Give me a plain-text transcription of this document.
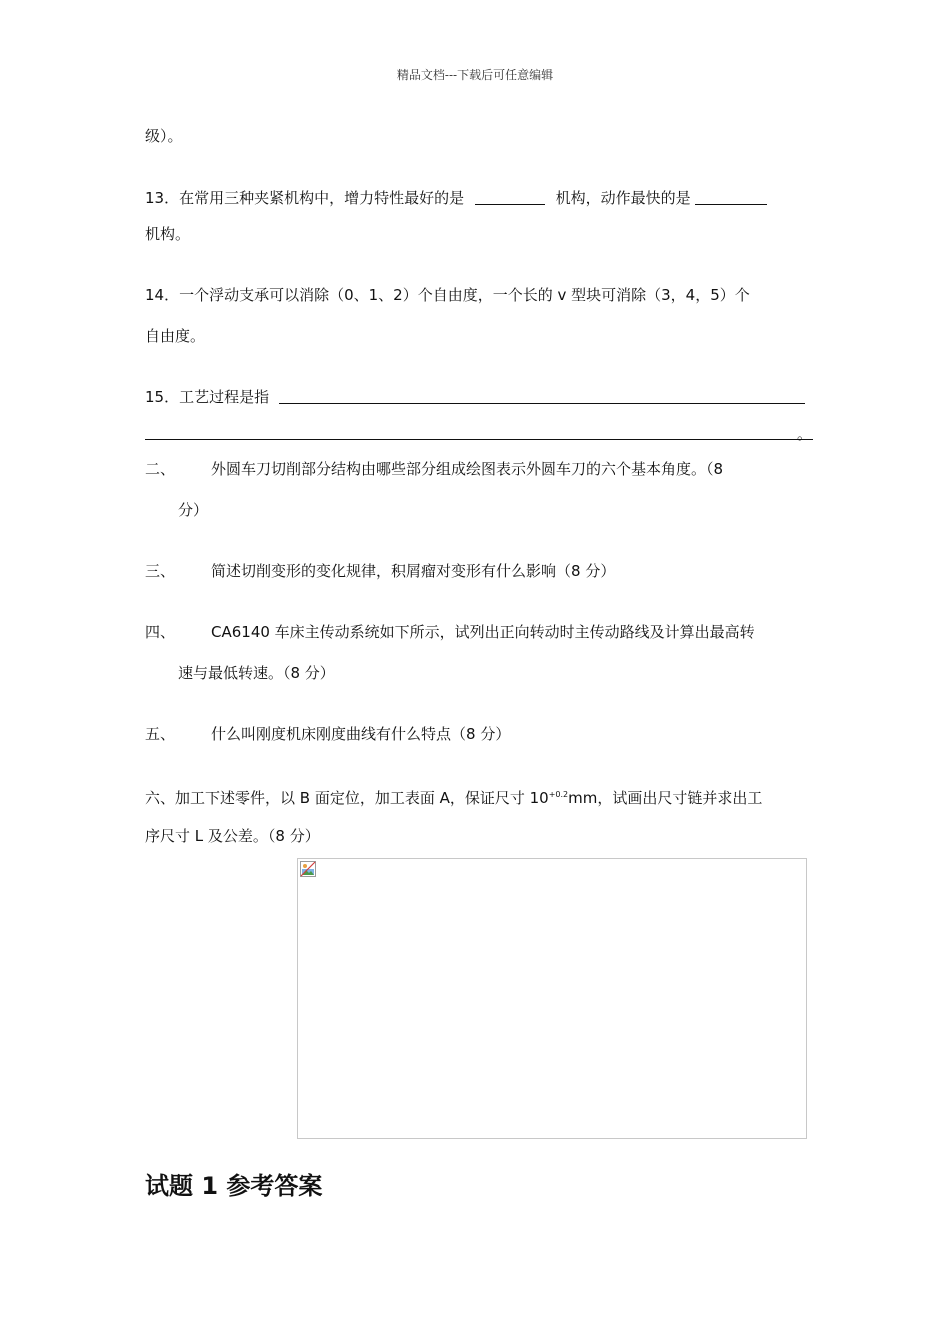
精品文档---下载后可任意编辑
级）。
13．在常用三种夹紧机构中，增力特性最好的是	机构，动作最快的是
机构。
14．一个浮动支承可以消除（0、1、2）个自由度，一个长的 v 型块可消除（3，4，5）个
自由度。
15．工艺过程是指
。
二、 外圆车刀切削部分结构由哪些部分组成绘图表示外圆车刀的六个基本角度。（8
分）
三、 简述切削变形的变化规律，积屑瘤对变形有什么影响（8 分）
四、 CA6140 车床主传动系统如下所示，试列出正向转动时主传动路线及计算出最高转
速与最低转速。（8 分）
五、 什么叫刚度机床刚度曲线有什么特点（8 分）
六、加工下述零件，以 B 面定位，加工表面 A，保证尺寸 $10^{+0.2}mm$，试画出尺寸链并求出工
序尺寸 L 及公差。（8 分）
试题 1 参考答案
